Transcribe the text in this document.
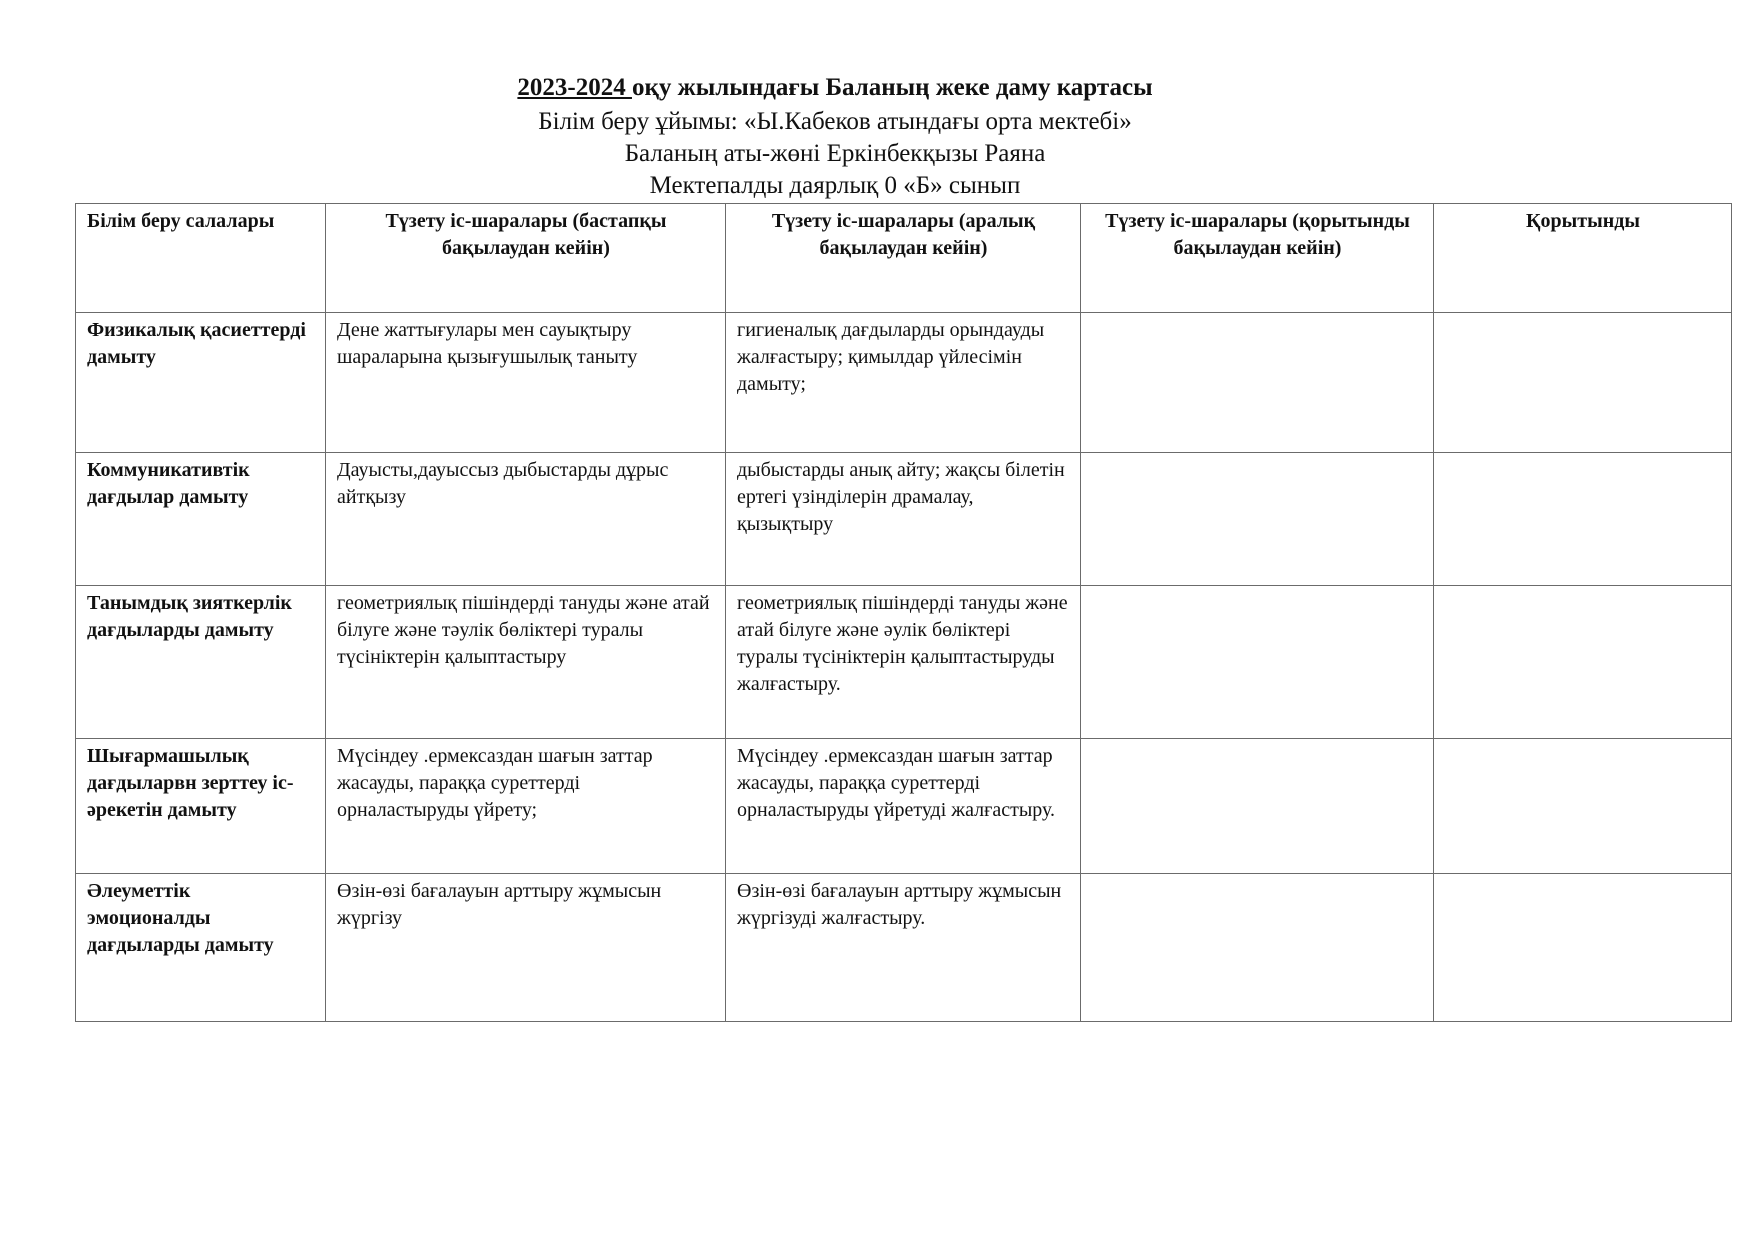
2023-2024 оқу жылындағы Баланың жеке даму картасы
Білім беру ұйымы: «Ы.Кабеков атындағы орта мектебі»
Баланың аты-жөні Еркінбекқызы Раяна
Мектепалды даярлық 0 «Б» сынып
Білім беру салалары	Түзету іс-шаралары (бастапқы бақылаудан кейін)	Түзету іс-шаралары (аралық бақылаудан кейін)	Түзету іс-шаралары (қорытынды бақылаудан кейін)	Қорытынды
Физикалық қасиеттерді дамыту	Дене жаттығулары мен сауықтыру шараларына қызығушылық таныту	гигиеналық дағдыларды орындауды жалғастыру; қимылдар үйлесімін дамыту;		
Коммуникативтік дағдылар дамыту	Дауысты,дауыссыз дыбыстарды дұрыс айтқызу	дыбыстарды анық айту; жақсы білетін ертегі үзінділерін драмалау, қызықтыру		
Танымдық зияткерлік дағдыларды дамыту	геометриялық пішіндерді тануды және атай білуге және тәулік бөліктері туралы түсініктерін қалыптастыру	геометриялық пішіндерді тануды және атай білуге және әулік бөліктері туралы түсініктерін қалыптастыруды жалғастыру.		
Шығармашылық дағдыларвн зерттеу іс-әрекетін дамыту	Мүсіндеу .ермексаздан шағын заттар жасауды, параққа суреттерді орналастыруды үйрету;	Мүсіндеу .ермексаздан шағын заттар жасауды, параққа суреттерді орналастыруды үйретуді жалғастыру.		
Әлеуметтік эмоционалды дағдыларды дамыту	Өзін-өзі бағалауын арттыру жұмысын жүргізу	Өзін-өзі бағалауын арттыру жұмысын жүргізуді жалғастыру.		
